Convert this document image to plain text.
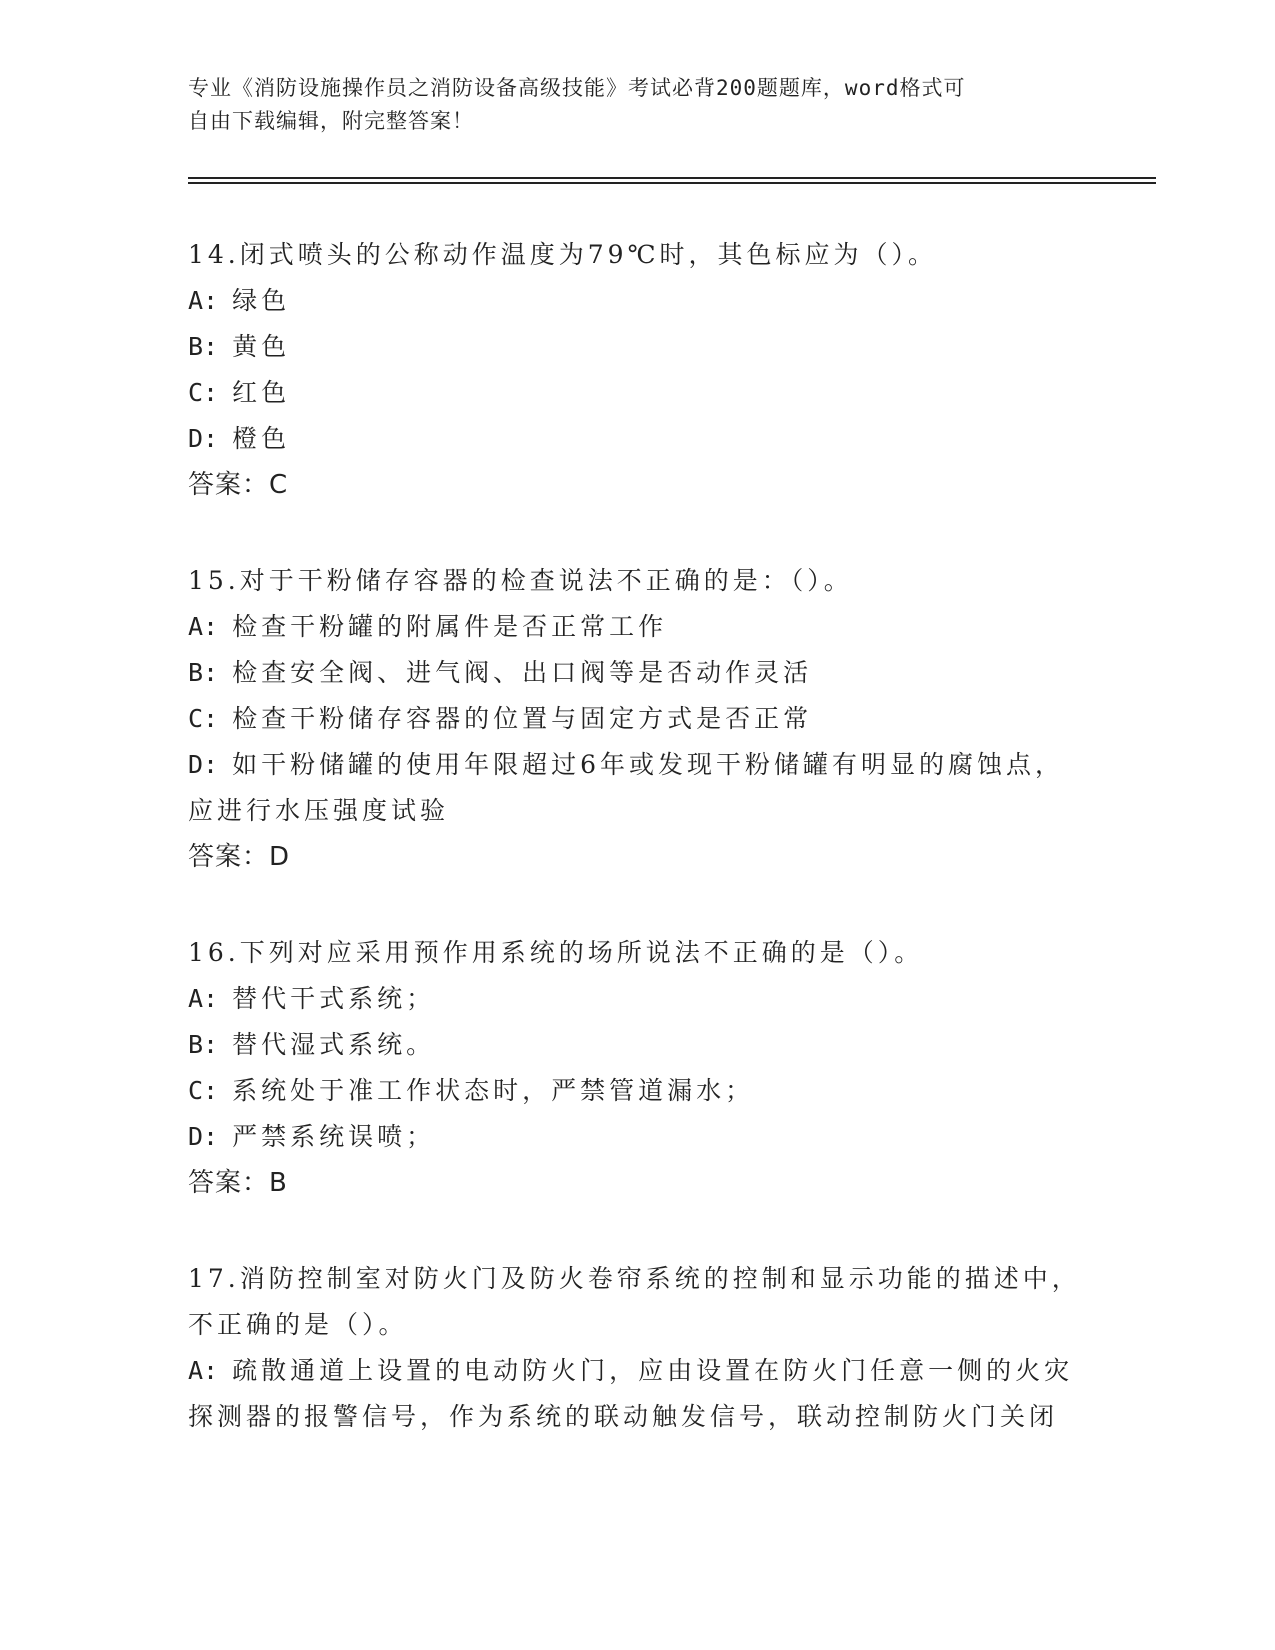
专业《消防设施操作员之消防设备高级技能》考试必背200题题库，word格式可
自由下载编辑，附完整答案！
14.闭式喷头的公称动作温度为79℃时，其色标应为（）。
A: 绿色
B: 黄色
C: 红色
D: 橙色
答案：C
15.对于干粉储存容器的检查说法不正确的是：（）。
A: 检查干粉罐的附属件是否正常工作
B: 检查安全阀、进气阀、出口阀等是否动作灵活
C: 检查干粉储存容器的位置与固定方式是否正常
D: 如干粉储罐的使用年限超过6年或发现干粉储罐有明显的腐蚀点，
应进行水压强度试验
答案：D
16.下列对应采用预作用系统的场所说法不正确的是（）。
A: 替代干式系统；
B: 替代湿式系统。
C: 系统处于准工作状态时，严禁管道漏水；
D: 严禁系统误喷；
答案：B
17.消防控制室对防火门及防火卷帘系统的控制和显示功能的描述中，
不正确的是（）。
A: 疏散通道上设置的电动防火门，应由设置在防火门任意一侧的火灾
探测器的报警信号，作为系统的联动触发信号，联动控制防火门关闭
